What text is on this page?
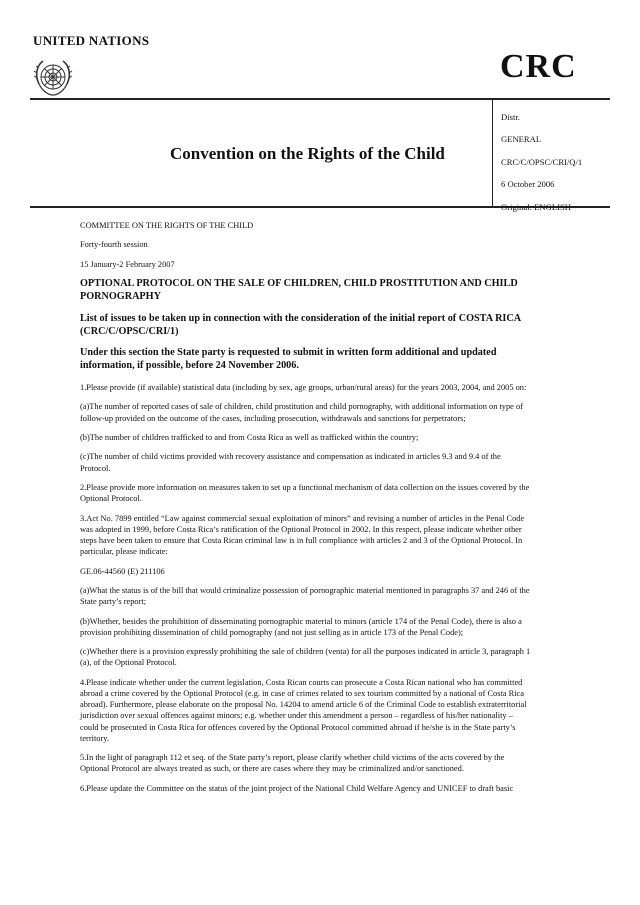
UNITED NATIONS
CRC
Convention on the Rights of the Child
Distr.
GENERAL
CRC/C/OPSC/CRI/Q/1
6 October 2006
Original: ENGLISH

COMMITTEE ON THE RIGHTS OF THE CHILD

Forty-fourth session

15 January-2 February 2007

OPTIONAL PROTOCOL ON THE SALE OF CHILDREN, CHILD PROSTITUTION AND CHILD PORNOGRAPHY

List of issues to be taken up in connection with the consideration of the initial report of COSTA RICA (CRC/C/OPSC/CRI/1)

Under this section the State party is requested to submit in written form additional and updated information, if possible, before 24 November 2006.

1.Please provide (if available) statistical data (including by sex, age groups, urban/rural areas) for the years 2003, 2004, and 2005 on:

(a)The number of reported cases of sale of children, child prostitution and child pornography, with additional information on type of follow-up provided on the outcome of the cases, including prosecution, withdrawals and sanctions for perpetrators;

(b)The number of children trafficked to and from Costa Rica as well as trafficked within the country;

(c)The number of child victims provided with recovery assistance and compensation as indicated in articles 9.3 and 9.4 of the Protocol.

2.Please provide more information on measures taken to set up a functional mechanism of data collection on the issues covered by the Optional Protocol.

3.Act No. 7899 entitled “Law against commercial sexual exploitation of minors” and revising a number of articles in the Penal Code was adopted in 1999, before Costa Rica’s ratification of the Optional Protocol in 2002. In this respect, please indicate whether other steps have been taken to ensure that Costa Rican criminal law is in full compliance with articles 2 and 3 of the Optional Protocol. In particular, please indicate:

GE.06-44560 (E) 211106

(a)What the status is of the bill that would criminalize possession of pornographic material mentioned in paragraphs 37 and 246 of the State party’s report;

(b)Whether, besides the prohibition of disseminating pornographic material to minors (article 174 of the Penal Code), there is also a provision prohibiting dissemination of child pornography (and not just selling as in article 173 of the Penal Code);

(c)Whether there is a provision expressly prohibiting the sale of children (venta) for all the purposes indicated in article 3, paragraph 1 (a), of the Optional Protocol.

4.Please indicate whether under the current legislation, Costa Rican courts can prosecute a Costa Rican national who has committed abroad a crime covered by the Optional Protocol (e.g. in case of crimes related to sex tourism committed by a national of Costa Rica abroad). Furthermore, please elaborate on the proposal No. 14204 to amend article 6 of the Criminal Code to establish extraterritorial jurisdiction over sexual offences against minors; e.g. whether under this amendment a person – regardless of his/her nationality – could be prosecuted in Costa Rica for offences covered by the Optional Protocol committed abroad if he/she is in the State party’s territory.

5.In the light of paragraph 112 et seq. of the State party’s report, please clarify whether child victims of the acts covered by the Optional Protocol are always treated as such, or there are cases where they may be criminalized and/or sanctioned.

6.Please update the Committee on the status of the joint project of the National Child Welfare Agency and UNICEF to draft basic
